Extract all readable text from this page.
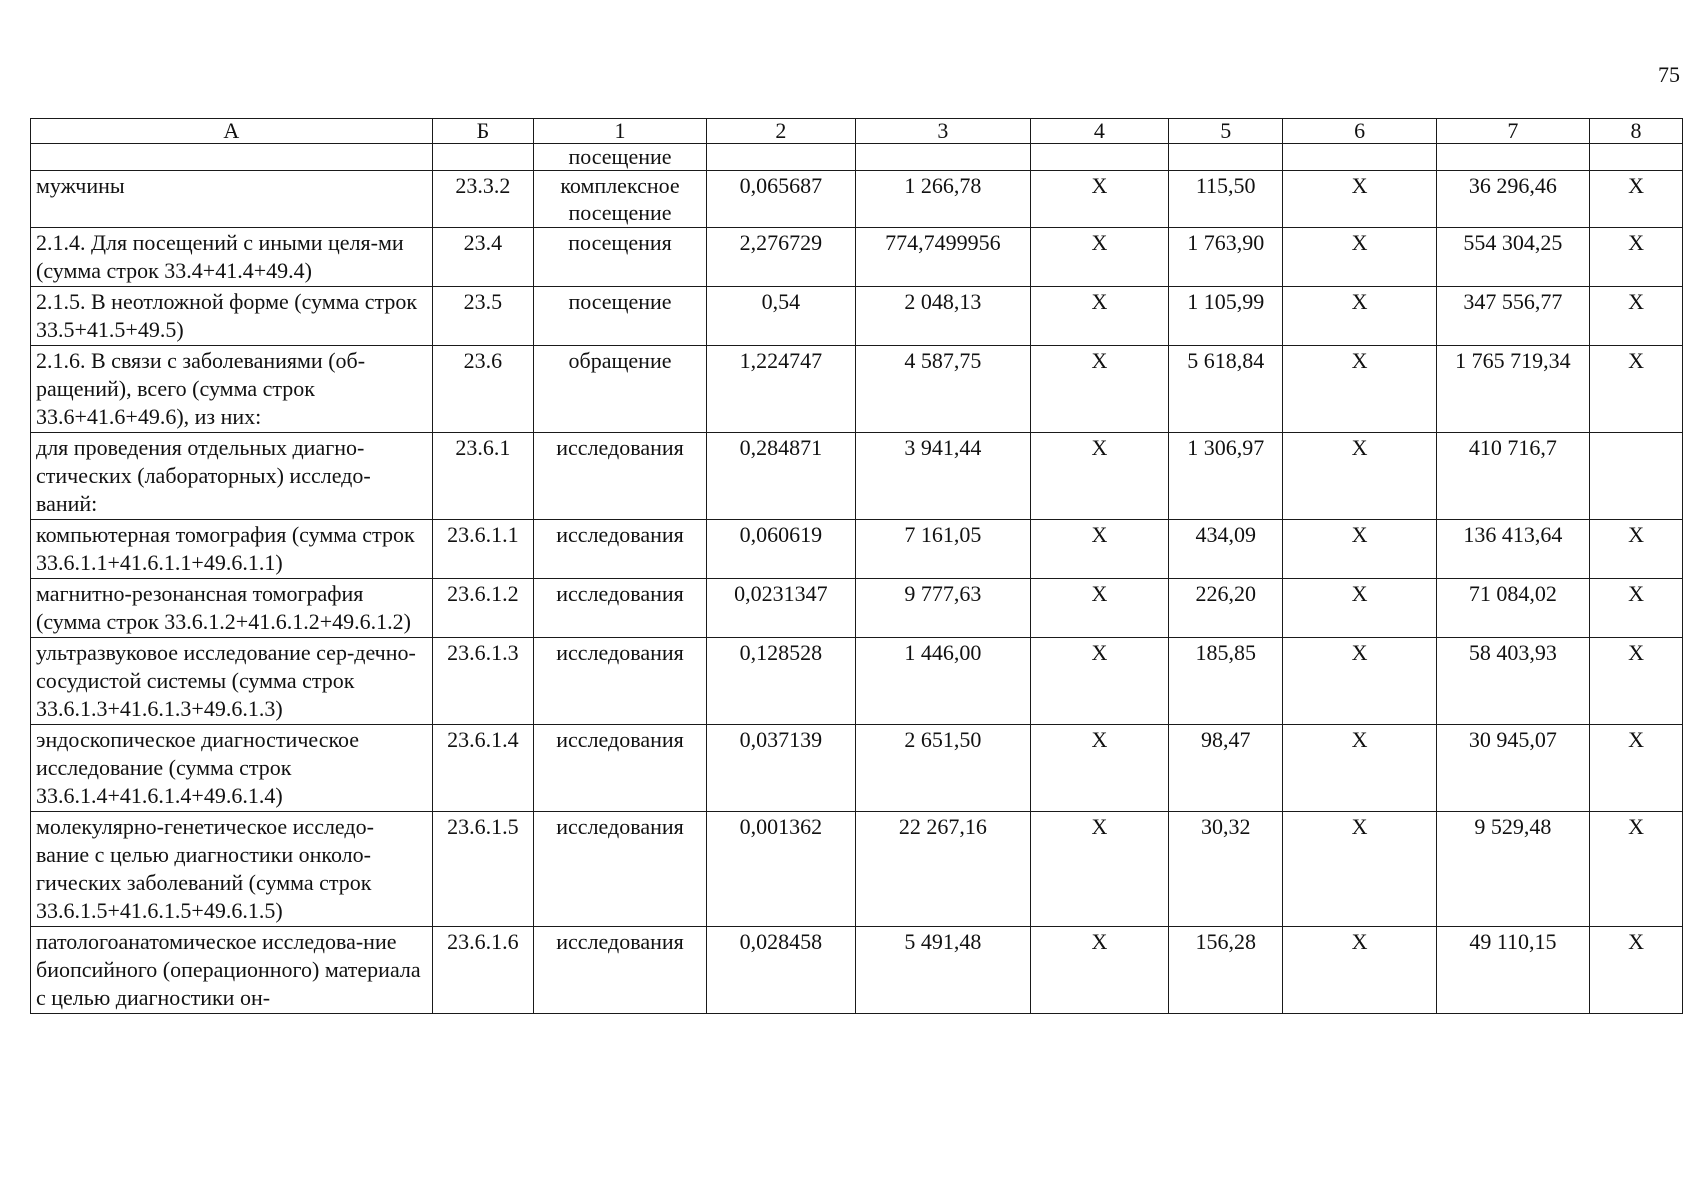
75
А	Б	1	2	3	4	5	6	7	8
		посещение							
мужчины	23.3.2	комплексное посещение	0,065687	1 266,78	Х	115,50	Х	36 296,46	Х
2.1.4. Для посещений с иными целя-ми (сумма строк 33.4+41.4+49.4)	23.4	посещения	2,276729	774,7499956	Х	1 763,90	Х	554 304,25	Х
2.1.5. В неотложной форме (сумма строк 33.5+41.5+49.5)	23.5	посещение	0,54	2 048,13	Х	1 105,99	Х	347 556,77	Х
2.1.6. В связи с заболеваниями (об-ращений), всего (сумма строк 33.6+41.6+49.6), из них:	23.6	обращение	1,224747	4 587,75	Х	5 618,84	Х	1 765 719,34	Х
для проведения отдельных диагно-стических (лабораторных) исследо-ваний:	23.6.1	исследования	0,284871	3 941,44	Х	1 306,97	Х	410 716,7	
компьютерная томография (сумма строк 33.6.1.1+41.6.1.1+49.6.1.1)	23.6.1.1	исследования	0,060619	7 161,05	Х	434,09	Х	136 413,64	Х
магнитно-резонансная томография (сумма строк 33.6.1.2+41.6.1.2+49.6.1.2)	23.6.1.2	исследования	0,0231347	9 777,63	Х	226,20	Х	71 084,02	Х
ультразвуковое исследование сер-дечно-сосудистой системы (сумма строк 33.6.1.3+41.6.1.3+49.6.1.3)	23.6.1.3	исследования	0,128528	1 446,00	Х	185,85	Х	58 403,93	Х
эндоскопическое диагностическое исследование (сумма строк 33.6.1.4+41.6.1.4+49.6.1.4)	23.6.1.4	исследования	0,037139	2 651,50	Х	98,47	Х	30 945,07	Х
молекулярно-генетическое исследо-вание с целью диагностики онколо-гических заболеваний (сумма строк 33.6.1.5+41.6.1.5+49.6.1.5)	23.6.1.5	исследования	0,001362	22 267,16	Х	30,32	Х	9 529,48	Х
патологоанатомическое исследова-ние биопсийного (операционного) материала с целью диагностики он-	23.6.1.6	исследования	0,028458	5 491,48	Х	156,28	Х	49 110,15	Х
